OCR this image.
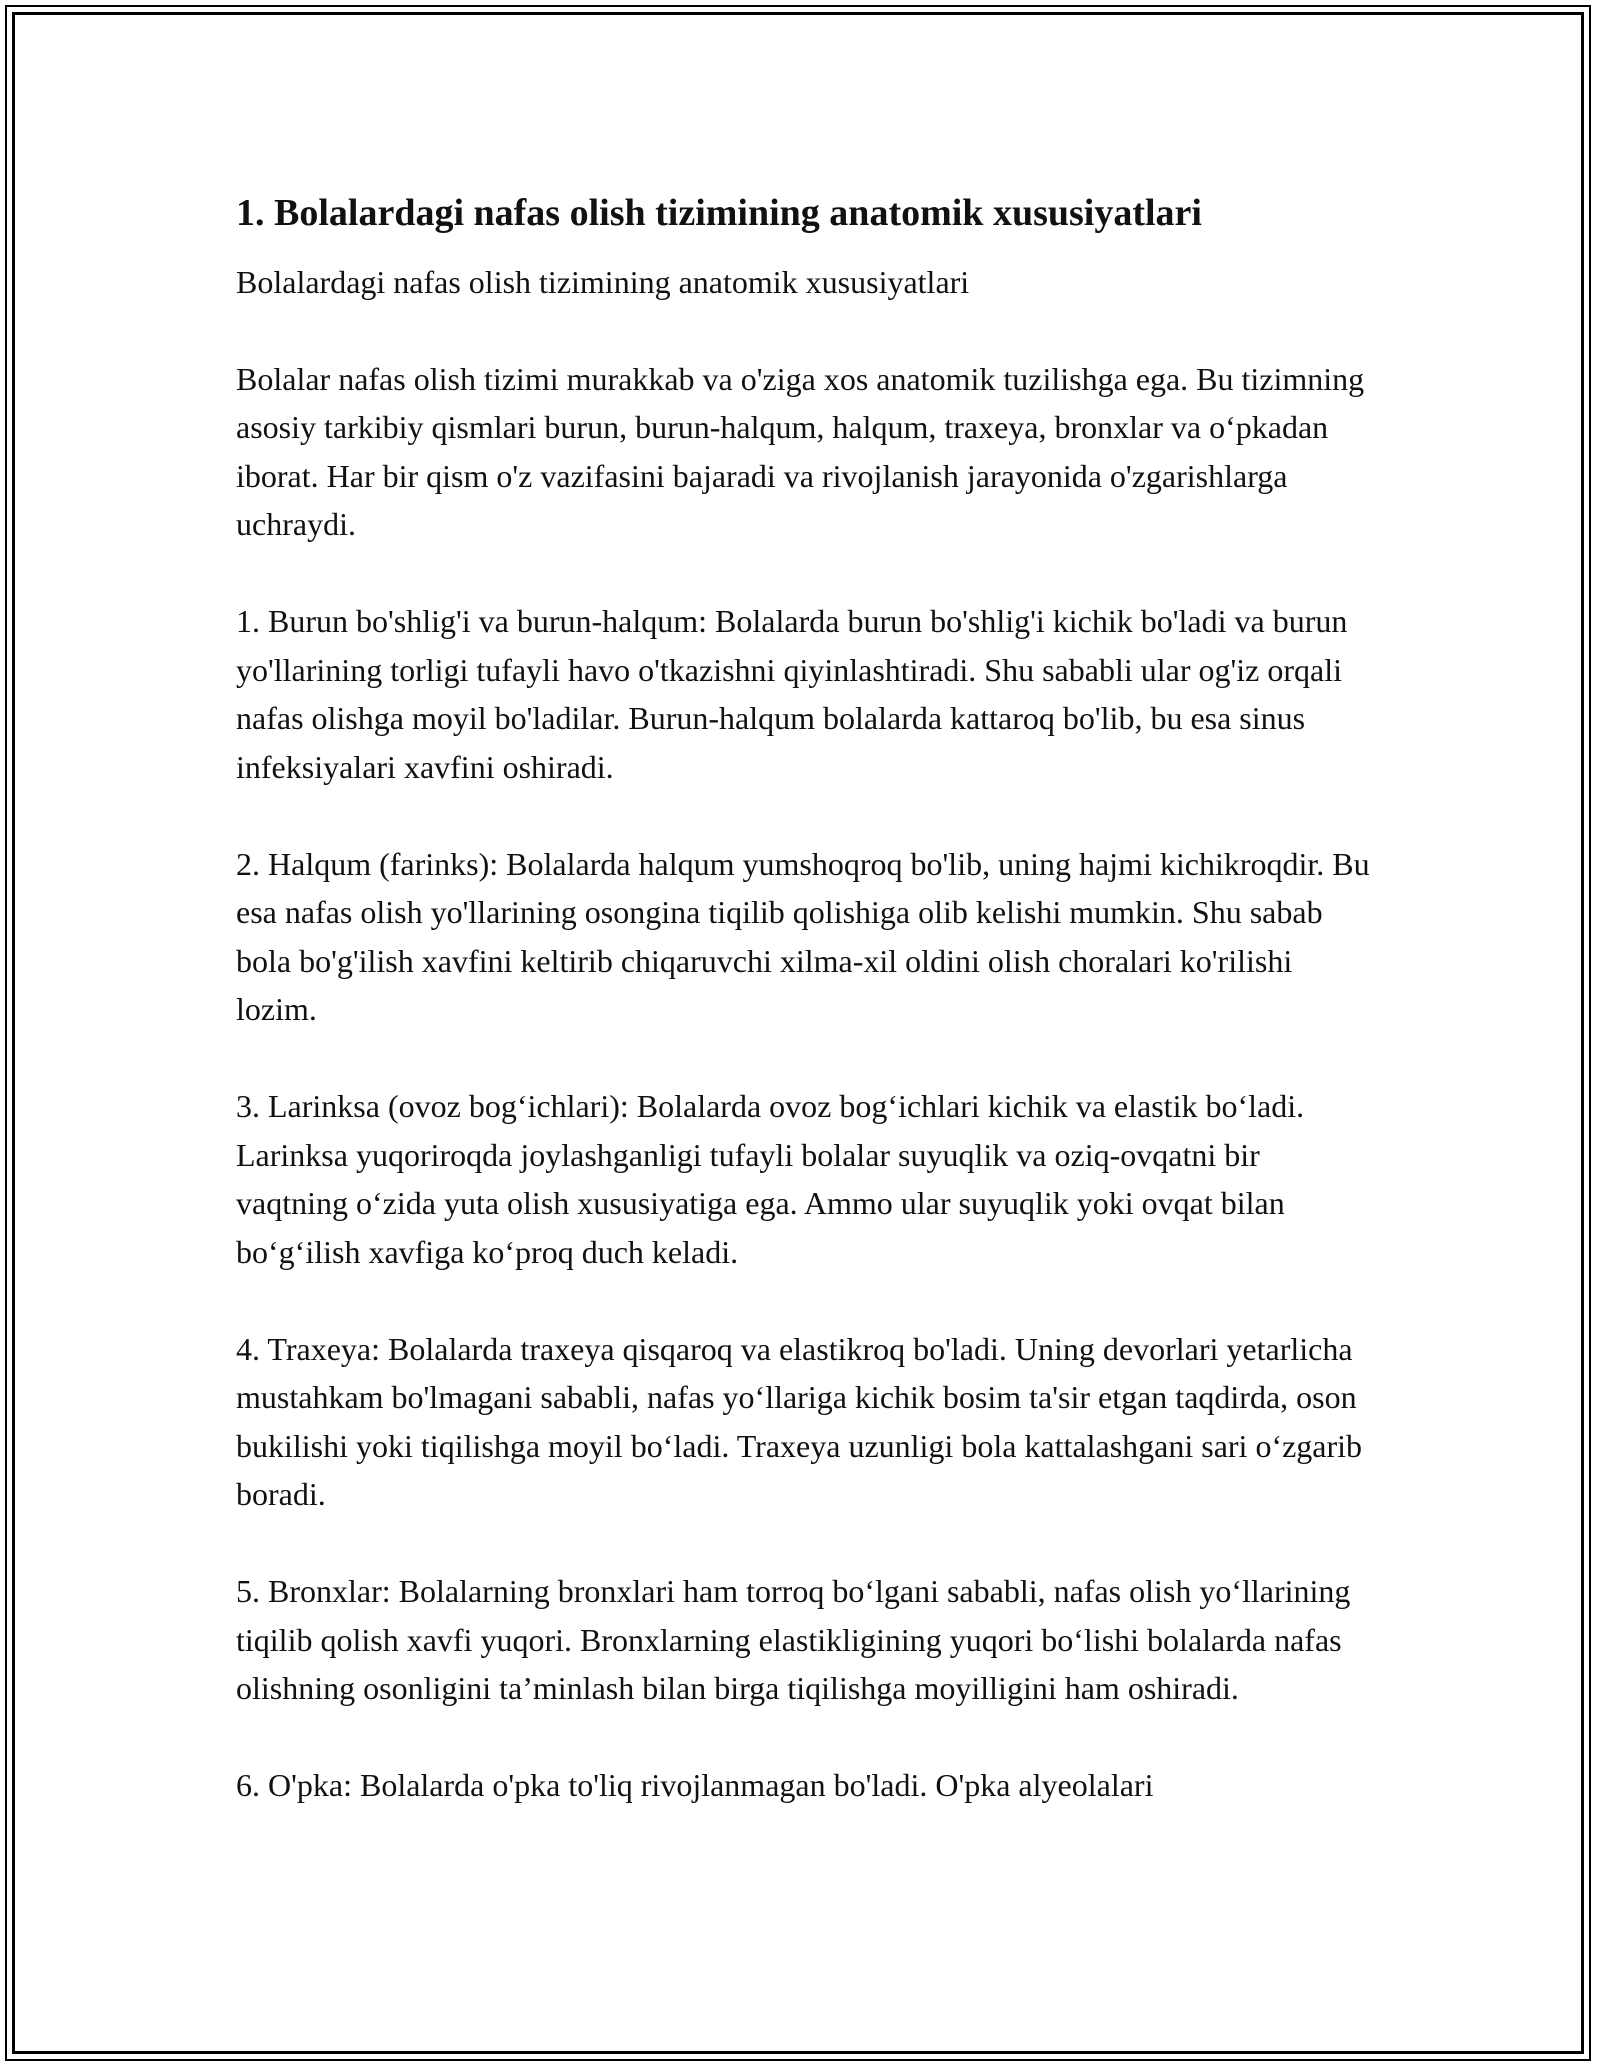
1. Bolalardagi nafas olish tizimining anatomik xususiyatlari

Bolalardagi nafas olish tizimining anatomik xususiyatlari

Bolalar nafas olish tizimi murakkab va o'ziga xos anatomik tuzilishga ega. Bu tizimning asosiy tarkibiy qismlari burun, burun-halqum, halqum, traxeya, bronxlar va o‘pkadan iborat. Har bir qism o'z vazifasini bajaradi va rivojlanish jarayonida o'zgarishlarga uchraydi.

1. Burun bo'shlig'i va burun-halqum: Bolalarda burun bo'shlig'i kichik bo'ladi va burun yo'llarining torligi tufayli havo o'tkazishni qiyinlashtiradi. Shu sababli ular og'iz orqali nafas olishga moyil bo'ladilar. Burun-halqum bolalarda kattaroq bo'lib, bu esa sinus infeksiyalari xavfini oshiradi.

2. Halqum (farinks): Bolalarda halqum yumshoqroq bo'lib, uning hajmi kichikroqdir. Bu esa nafas olish yo'llarining osongina tiqilib qolishiga olib kelishi mumkin. Shu sabab bola bo'g'ilish xavfini keltirib chiqaruvchi xilma-xil oldini olish choralari ko'rilishi lozim.

3. Larinksa (ovoz bog‘ichlari): Bolalarda ovoz bog‘ichlari kichik va elastik bo‘ladi. Larinksa yuqoriroqda joylashganligi tufayli bolalar suyuqlik va oziq-ovqatni bir vaqtning o‘zida yuta olish xususiyatiga ega. Ammo ular suyuqlik yoki ovqat bilan bo‘g‘ilish xavfiga ko‘proq duch keladi.

4. Traxeya: Bolalarda traxeya qisqaroq va elastikroq bo'ladi. Uning devorlari yetarlicha mustahkam bo'lmagani sababli, nafas yo‘llariga kichik bosim ta'sir etgan taqdirda, oson bukilishi yoki tiqilishga moyil bo‘ladi. Traxeya uzunligi bola kattalashgani sari o‘zgarib boradi.

5. Bronxlar: Bolalarning bronxlari ham torroq bo‘lgani sababli, nafas olish yo‘llarining tiqilib qolish xavfi yuqori. Bronxlarning elastikligining yuqori bo‘lishi bolalarda nafas olishning osonligini ta’minlash bilan birga tiqilishga moyilligini ham oshiradi.

6. O'pka: Bolalarda o'pka to'liq rivojlanmagan bo'ladi. O'pka alyeolalari
